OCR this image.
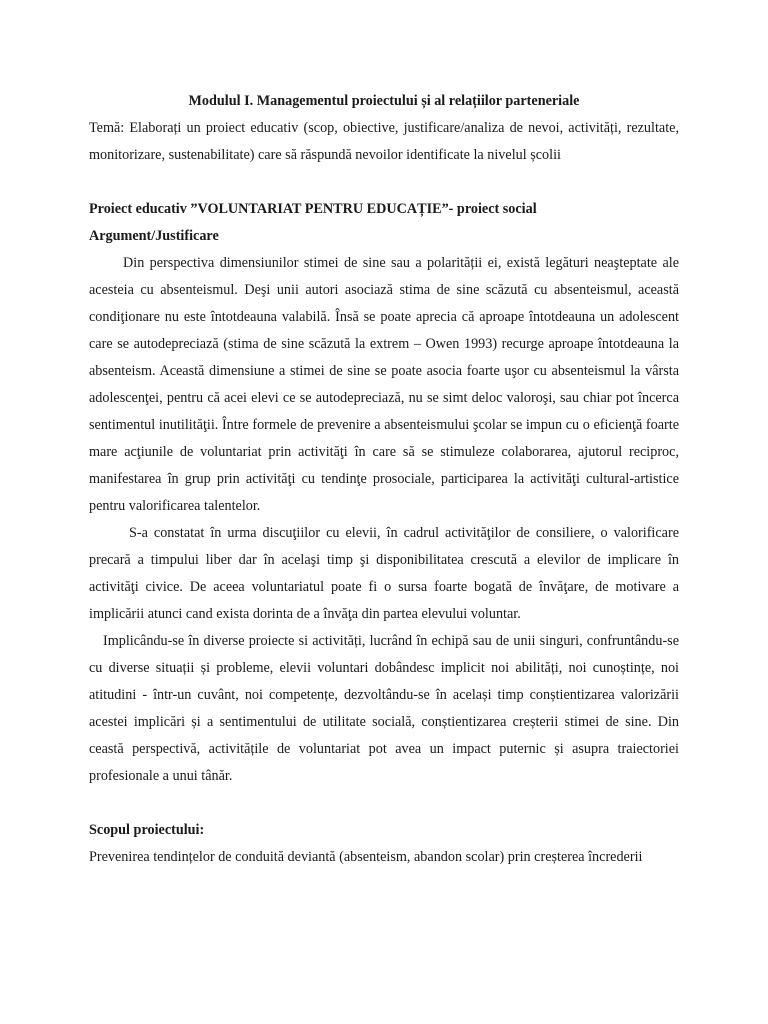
Modulul I. Managementul proiectului și al relațiilor parteneriale

Temă: Elaborați un proiect educativ (scop, obiective, justificare/analiza de nevoi, activități, rezultate, monitorizare, sustenabilitate) care să răspundă nevoilor identificate la nivelul școlii

Proiect educativ ”VOLUNTARIAT PENTRU EDUCAȚIE”- proiect social

Argument/Justificare

Din perspectiva dimensiunilor stimei de sine sau a polarității ei, există legături neaşteptate ale acesteia cu absenteismul. Deşi unii autori asociază stima de sine scăzută cu absenteismul, această condiţionare nu este întotdeauna valabilă. Însă se poate aprecia că aproape întotdeauna un adolescent care se autodepreciază (stima de sine scăzută la extrem – Owen 1993) recurge aproape întotdeauna la absenteism. Această dimensiune a stimei de sine se poate asocia foarte uşor cu absenteismul la vârsta adolescenţei, pentru că acei elevi ce se autodepreciază, nu se simt deloc valoroşi, sau chiar pot încerca sentimentul inutilităţii. Între formele de prevenire a absenteismului şcolar se impun cu o eficienţă foarte mare acţiunile de voluntariat prin activităţi în care să se stimuleze colaborarea, ajutorul reciproc, manifestarea în grup prin activităţi cu tendinţe prosociale, participarea la activităţi cultural-artistice pentru valorificarea talentelor.

S-a constatat în urma discuţiilor cu elevii, în cadrul activităţilor de consiliere, o valorificare precară a timpului liber dar în acelaşi timp şi disponibilitatea crescută a elevilor de implicare în activităţi civice. De aceea voluntariatul poate fi o sursa foarte bogată de învăţare, de motivare a implicării atunci cand exista dorinta de a învăţa din partea elevului voluntar.

Implicându-se în diverse proiecte si activități, lucrând în echipă sau de unii singuri, confruntându-se cu diverse situații și probleme, elevii voluntari dobândesc implicit noi abilități, noi cunoștințe, noi atitudini - într-un cuvânt, noi competențe, dezvoltându-se în același timp conștientizarea valorizării acestei implicări și a sentimentului de utilitate socială, conștientizarea creșterii stimei de sine. Din ceastă perspectivă, activitățile de voluntariat pot avea un impact puternic și asupra traiectoriei profesionale a unui tânăr.

Scopul proiectului:

Prevenirea tendințelor de conduită deviantă (absenteism, abandon scolar) prin creșterea încrederii
